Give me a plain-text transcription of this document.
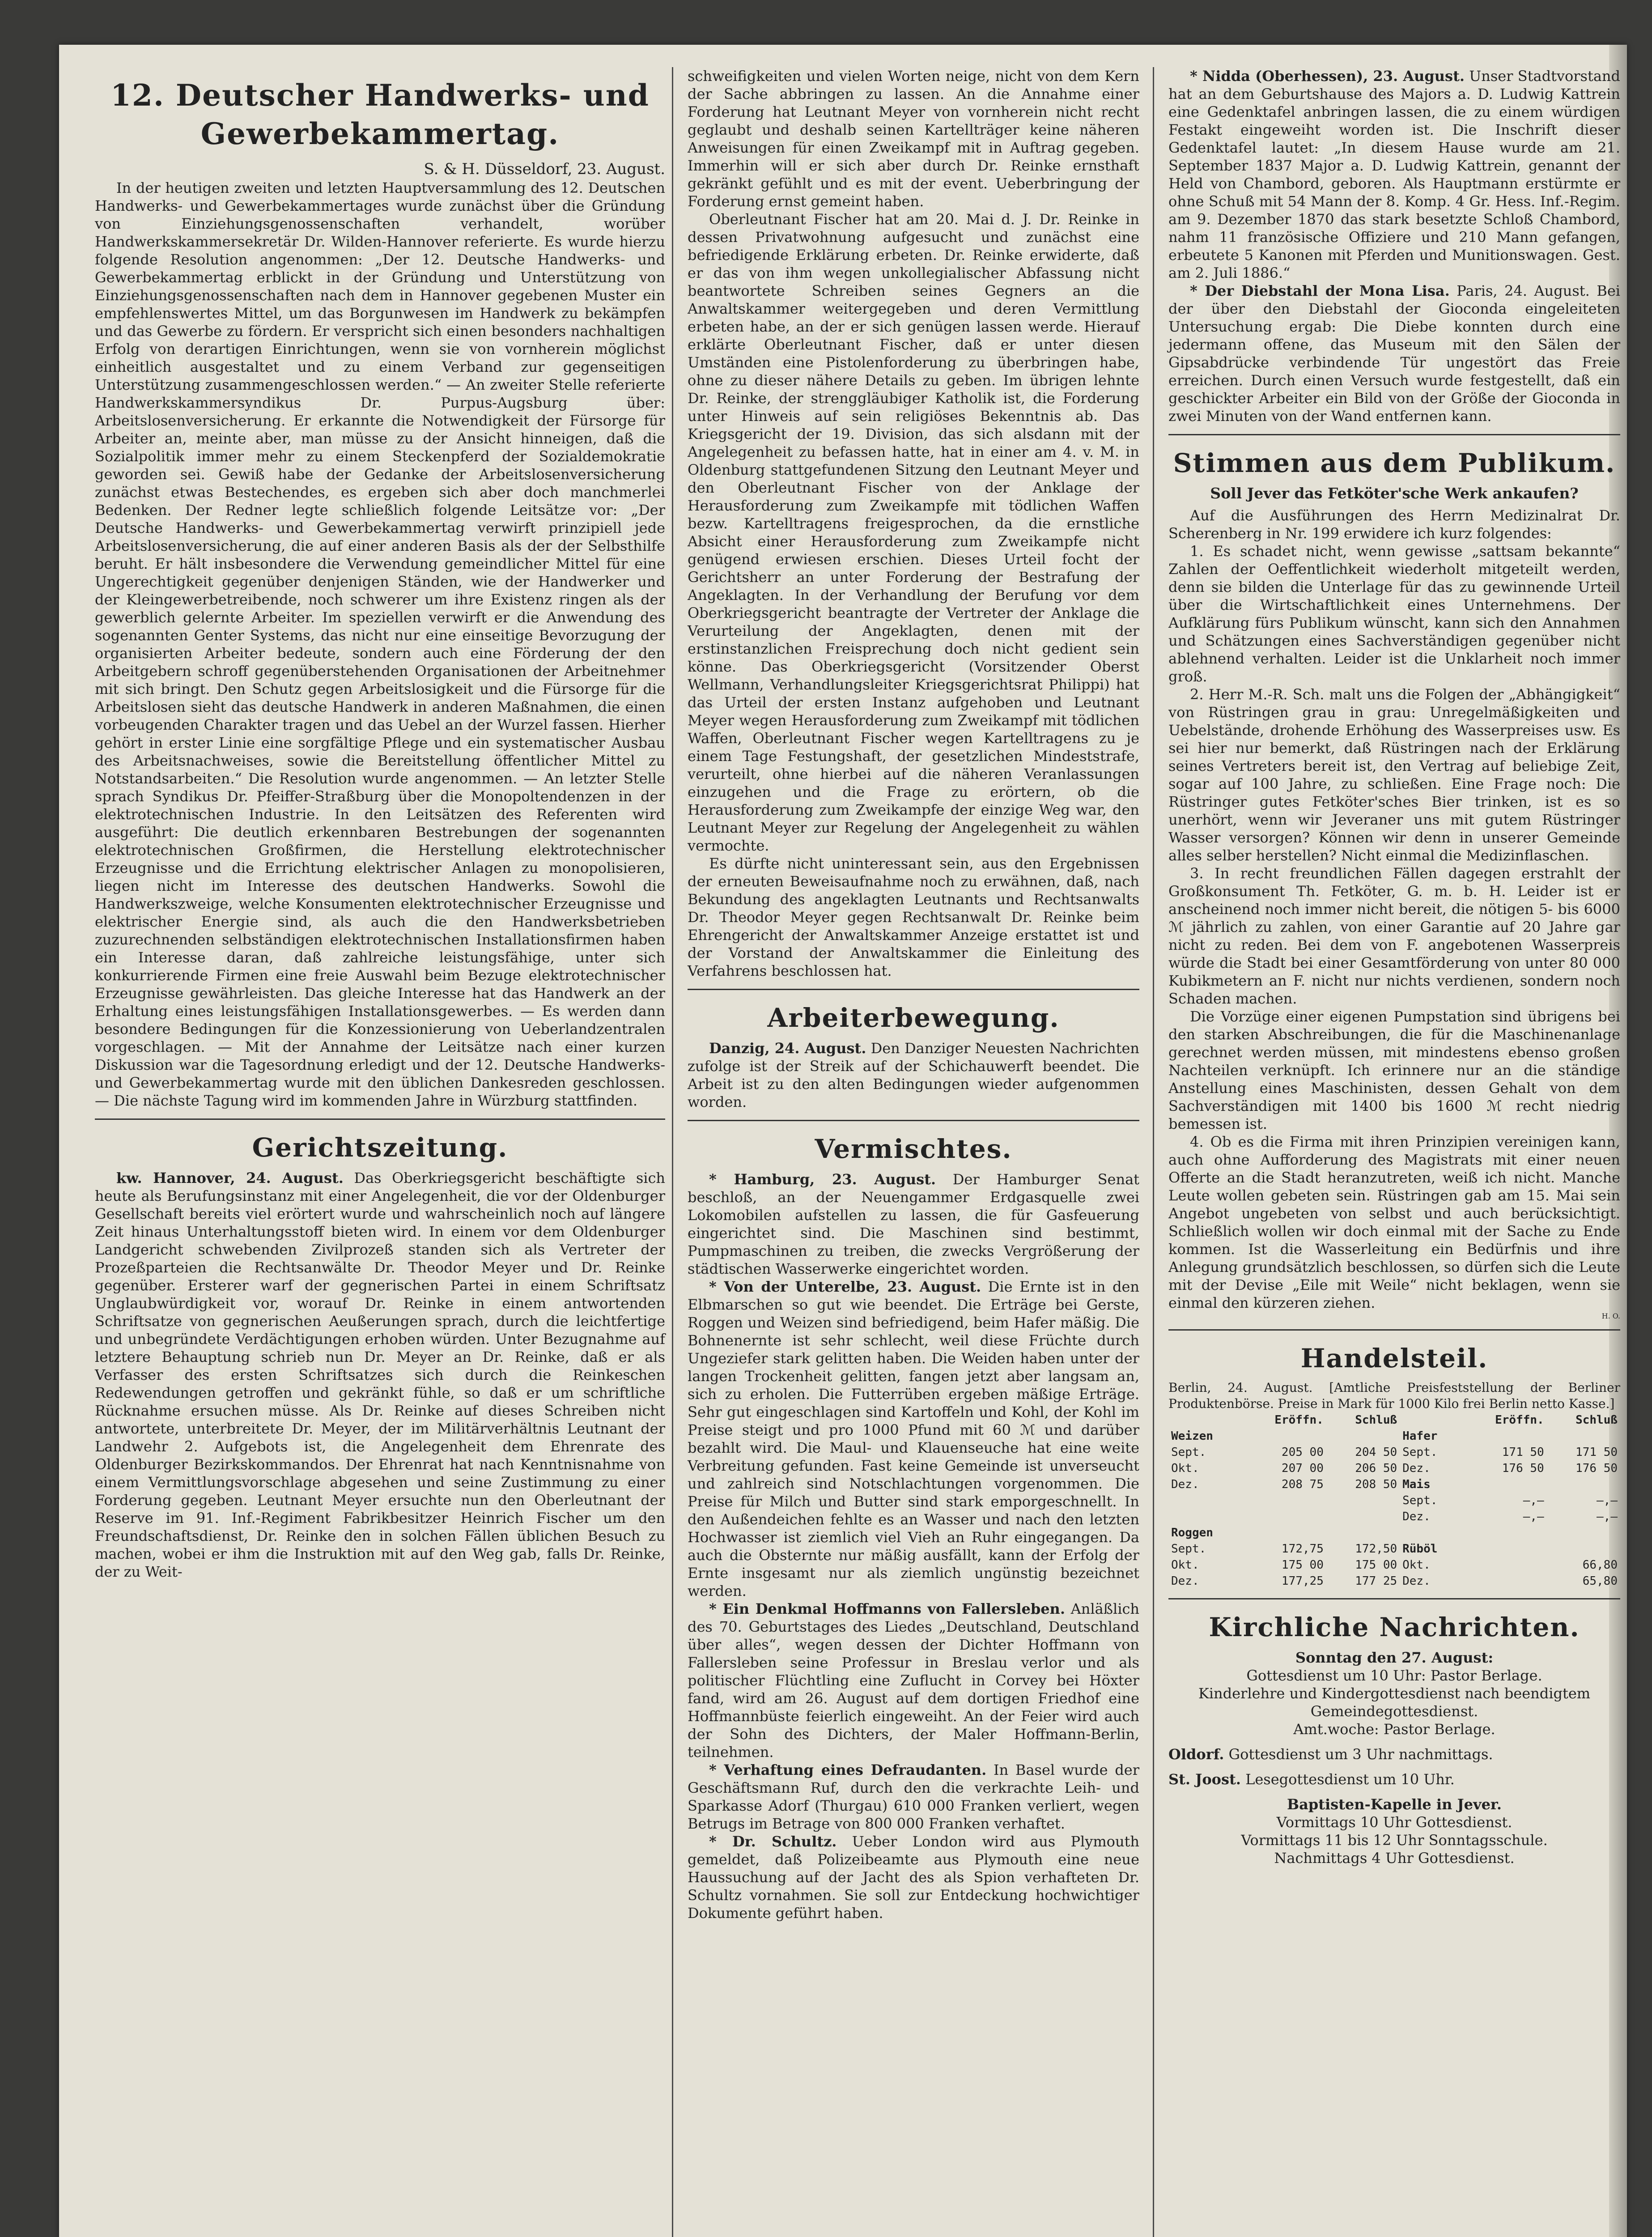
12. Deutscher Handwerks- und Gewerbekammertag.
S. & H. Düsseldorf, 23. August.

In der heutigen zweiten und letzten Hauptversammlung des 12. Deutschen Handwerks- und Gewerbekammertages wurde zunächst über die Gründung von Einziehungsgenossenschaften verhandelt, worüber Handwerkskammersekretär Dr. Wilden-Hannover referierte. Es wurde hierzu folgende Resolution angenommen: „Der 12. Deutsche Handwerks- und Gewerbekammertag erblickt in der Gründung und Unterstützung von Einziehungsgenossenschaften nach dem in Hannover gegebenen Muster ein empfehlenswertes Mittel, um das Borgunwesen im Handwerk zu bekämpfen und das Gewerbe zu fördern. Er verspricht sich einen besonders nachhaltigen Erfolg von derartigen Einrichtungen, wenn sie von vornherein möglichst einheitlich ausgestaltet und zu einem Verband zur gegenseitigen Unterstützung zusammengeschlossen werden.“ — An zweiter Stelle referierte Handwerkskammersyndikus Dr. Purpus-Augsburg über: Arbeitslosenversicherung. Er erkannte die Notwendigkeit der Fürsorge für Arbeiter an, meinte aber, man müsse zu der Ansicht hinneigen, daß die Sozialpolitik immer mehr zu einem Steckenpferd der Sozialdemokratie geworden sei. Gewiß habe der Gedanke der Arbeitslosenversicherung zunächst etwas Bestechendes, es ergeben sich aber doch manchmerlei Bedenken. Der Redner legte schließlich folgende Leitsätze vor: „Der Deutsche Handwerks- und Gewerbekammertag verwirft prinzipiell jede Arbeitslosenversicherung, die auf einer anderen Basis als der der Selbsthilfe beruht. Er hält insbesondere die Verwendung gemeindlicher Mittel für eine Ungerechtigkeit gegenüber denjenigen Ständen, wie der Handwerker und der Kleingewerbetreibende, noch schwerer um ihre Existenz ringen als der gewerblich gelernte Arbeiter. Im speziellen verwirft er die Anwendung des sogenannten Genter Systems, das nicht nur eine einseitige Bevorzugung der organisierten Arbeiter bedeute, sondern auch eine Förderung der den Arbeitgebern schroff gegenüberstehenden Organisationen der Arbeitnehmer mit sich bringt. Den Schutz gegen Arbeitslosigkeit und die Fürsorge für die Arbeitslosen sieht das deutsche Handwerk in anderen Maßnahmen, die einen vorbeugenden Charakter tragen und das Uebel an der Wurzel fassen. Hierher gehört in erster Linie eine sorgfältige Pflege und ein systematischer Ausbau des Arbeitsnachweises, sowie die Bereitstellung öffentlicher Mittel zu Notstandsarbeiten.“ Die Resolution wurde angenommen. — An letzter Stelle sprach Syndikus Dr. Pfeiffer-Straßburg über die Monopoltendenzen in der elektrotechnischen Industrie. In den Leitsätzen des Referenten wird ausgeführt: Die deutlich erkennbaren Bestrebungen der sogenannten elektrotechnischen Großfirmen, die Herstellung elektrotechnischer Erzeugnisse und die Errichtung elektrischer Anlagen zu monopolisieren, liegen nicht im Interesse des deutschen Handwerks. Sowohl die Handwerkszweige, welche Konsumenten elektrotechnischer Erzeugnisse und elektrischer Energie sind, als auch die den Handwerksbetrieben zuzurechnenden selbständigen elektrotechnischen Installationsfirmen haben ein Interesse daran, daß zahlreiche leistungsfähige, unter sich konkurrierende Firmen eine freie Auswahl beim Bezuge elektrotechnischer Erzeugnisse gewährleisten. Das gleiche Interesse hat das Handwerk an der Erhaltung eines leistungsfähigen Installationsgewerbes. — Es werden dann besondere Bedingungen für die Konzessionierung von Ueberlandzentralen vorgeschlagen. — Mit der Annahme der Leitsätze nach einer kurzen Diskussion war die Tagesordnung erledigt und der 12. Deutsche Handwerks- und Gewerbekammertag wurde mit den üblichen Dankesreden geschlossen. — Die nächste Tagung wird im kommenden Jahre in Würzburg stattfinden.

Gerichtszeitung.

kw. Hannover, 24. August. Das Oberkriegsgericht beschäftigte sich heute als Berufungsinstanz mit einer Angelegenheit, die vor der Oldenburger Gesellschaft bereits viel erörtert wurde und wahrscheinlich noch auf längere Zeit hinaus Unterhaltungsstoff bieten wird. In einem vor dem Oldenburger Landgericht schwebenden Zivilprozeß standen sich als Vertreter der Prozeßparteien die Rechtsanwälte Dr. Theodor Meyer und Dr. Reinke gegenüber. Ersterer warf der gegnerischen Partei in einem Schriftsatz Unglaubwürdigkeit vor, worauf Dr. Reinke in einem antwortenden Schriftsatze von gegnerischen Aeußerungen sprach, durch die leichtfertige und unbegründete Verdächtigungen erhoben würden. Unter Bezugnahme auf letztere Behauptung schrieb nun Dr. Meyer an Dr. Reinke, daß er als Verfasser des ersten Schriftsatzes sich durch die Reinkeschen Redewendungen getroffen und gekränkt fühle, so daß er um schriftliche Rücknahme ersuchen müsse. Als Dr. Reinke auf dieses Schreiben nicht antwortete, unterbreitete Dr. Meyer, der im Militärverhältnis Leutnant der Landwehr 2. Aufgebots ist, die Angelegenheit dem Ehrenrate des Oldenburger Bezirkskommandos. Der Ehrenrat hat nach Kenntnisnahme von einem Vermittlungsvorschlage abgesehen und seine Zustimmung zu einer Forderung gegeben. Leutnant Meyer ersuchte nun den Oberleutnant der Reserve im 91. Inf.-Regiment Fabrikbesitzer Heinrich Fischer um den Freundschaftsdienst, Dr. Reinke den in solchen Fällen üblichen Besuch zu machen, wobei er ihm die Instruktion mit auf den Weg gab, falls Dr. Reinke, der zu Weit-

schweifigkeiten und vielen Worten neige, nicht von dem Kern der Sache abbringen zu lassen. An die Annahme einer Forderung hat Leutnant Meyer von vornherein nicht recht geglaubt und deshalb seinen Kartellträger keine näheren Anweisungen für einen Zweikampf mit in Auftrag gegeben. Immerhin will er sich aber durch Dr. Reinke ernsthaft gekränkt gefühlt und es mit der event. Ueberbringung der Forderung ernst gemeint haben.

Oberleutnant Fischer hat am 20. Mai d. J. Dr. Reinke in dessen Privatwohnung aufgesucht und zunächst eine befriedigende Erklärung erbeten. Dr. Reinke erwiderte, daß er das von ihm wegen unkollegialischer Abfassung nicht beantwortete Schreiben seines Gegners an die Anwaltskammer weitergegeben und deren Vermittlung erbeten habe, an der er sich genügen lassen werde. Hierauf erklärte Oberleutnant Fischer, daß er unter diesen Umständen eine Pistolenforderung zu überbringen habe, ohne zu dieser nähere Details zu geben. Im übrigen lehnte Dr. Reinke, der strenggläubiger Katholik ist, die Forderung unter Hinweis auf sein religiöses Bekenntnis ab. Das Kriegsgericht der 19. Division, das sich alsdann mit der Angelegenheit zu befassen hatte, hat in einer am 4. v. M. in Oldenburg stattgefundenen Sitzung den Leutnant Meyer und den Oberleutnant Fischer von der Anklage der Herausforderung zum Zweikampfe mit tödlichen Waffen bezw. Kartelltragens freigesprochen, da die ernstliche Absicht einer Herausforderung zum Zweikampfe nicht genügend erwiesen erschien. Dieses Urteil focht der Gerichtsherr an unter Forderung der Bestrafung der Angeklagten. In der Verhandlung der Berufung vor dem Oberkriegsgericht beantragte der Vertreter der Anklage die Verurteilung der Angeklagten, denen mit der erstinstanzlichen Freisprechung doch nicht gedient sein könne. Das Oberkriegsgericht (Vorsitzender Oberst Wellmann, Verhandlungsleiter Kriegsgerichtsrat Philippi) hat das Urteil der ersten Instanz aufgehoben und Leutnant Meyer wegen Herausforderung zum Zweikampf mit tödlichen Waffen, Oberleutnant Fischer wegen Kartelltragens zu je einem Tage Festungshaft, der gesetzlichen Mindeststrafe, verurteilt, ohne hierbei auf die näheren Veranlassungen einzugehen und die Frage zu erörtern, ob die Herausforderung zum Zweikampfe der einzige Weg war, den Leutnant Meyer zur Regelung der Angelegenheit zu wählen vermochte.

Es dürfte nicht uninteressant sein, aus den Ergebnissen der erneuten Beweisaufnahme noch zu erwähnen, daß, nach Bekundung des angeklagten Leutnants und Rechtsanwalts Dr. Theodor Meyer gegen Rechtsanwalt Dr. Reinke beim Ehrengericht der Anwaltskammer Anzeige erstattet ist und der Vorstand der Anwaltskammer die Einleitung des Verfahrens beschlossen hat.

Arbeiterbewegung.

Danzig, 24. August. Den Danziger Neuesten Nachrichten zufolge ist der Streik auf der Schichauwerft beendet. Die Arbeit ist zu den alten Bedingungen wieder aufgenommen worden.

Vermischtes.

* Hamburg, 23. August. Der Hamburger Senat beschloß, an der Neuengammer Erdgasquelle zwei Lokomobilen aufstellen zu lassen, die für Gasfeuerung eingerichtet sind. Die Maschinen sind bestimmt, Pumpmaschinen zu treiben, die zwecks Vergrößerung der städtischen Wasserwerke eingerichtet worden.

* Von der Unterelbe, 23. August. Die Ernte ist in den Elbmarschen so gut wie beendet. Die Erträge bei Gerste, Roggen und Weizen sind befriedigend, beim Hafer mäßig. Die Bohnenernte ist sehr schlecht, weil diese Früchte durch Ungeziefer stark gelitten haben. Die Weiden haben unter der langen Trockenheit gelitten, fangen jetzt aber langsam an, sich zu erholen. Die Futterrüben ergeben mäßige Erträge. Sehr gut eingeschlagen sind Kartoffeln und Kohl, der Kohl im Preise steigt und pro 1000 Pfund mit 60 ℳ und darüber bezahlt wird. Die Maul- und Klauenseuche hat eine weite Verbreitung gefunden. Fast keine Gemeinde ist unverseucht und zahlreich sind Notschlachtungen vorgenommen. Die Preise für Milch und Butter sind stark emporgeschnellt. In den Außendeichen fehlte es an Wasser und nach den letzten Hochwasser ist ziemlich viel Vieh an Ruhr eingegangen. Da auch die Obsternte nur mäßig ausfällt, kann der Erfolg der Ernte insgesamt nur als ziemlich ungünstig bezeichnet werden.

* Ein Denkmal Hoffmanns von Fallersleben. Anläßlich des 70. Geburtstages des Liedes „Deutschland, Deutschland über alles“, wegen dessen der Dichter Hoffmann von Fallersleben seine Professur in Breslau verlor und als politischer Flüchtling eine Zuflucht in Corvey bei Höxter fand, wird am 26. August auf dem dortigen Friedhof eine Hoffmannbüste feierlich eingeweiht. An der Feier wird auch der Sohn des Dichters, der Maler Hoffmann-Berlin, teilnehmen.

* Verhaftung eines Defraudanten. In Basel wurde der Geschäftsmann Ruf, durch den die verkrachte Leih- und Sparkasse Adorf (Thurgau) 610 000 Franken verliert, wegen Betrugs im Betrage von 800 000 Franken verhaftet.

* Dr. Schultz. Ueber London wird aus Plymouth gemeldet, daß Polizeibeamte aus Plymouth eine neue Haussuchung auf der Jacht des als Spion verhafteten Dr. Schultz vornahmen. Sie soll zur Entdeckung hochwichtiger Dokumente geführt haben.

* Nidda (Oberhessen), 23. August. Unser Stadtvorstand hat an dem Geburtshause des Majors a. D. Ludwig Kattrein eine Gedenktafel anbringen lassen, die zu einem würdigen Festakt eingeweiht worden ist. Die Inschrift dieser Gedenktafel lautet: „In diesem Hause wurde am 21. September 1837 Major a. D. Ludwig Kattrein, genannt der Held von Chambord, geboren. Als Hauptmann erstürmte er ohne Schuß mit 54 Mann der 8. Komp. 4 Gr. Hess. Inf.-Regim. am 9. Dezember 1870 das stark besetzte Schloß Chambord, nahm 11 französische Offiziere und 210 Mann gefangen, erbeutete 5 Kanonen mit Pferden und Munitionswagen. Gest. am 2. Juli 1886.“

* Der Diebstahl der Mona Lisa. Paris, 24. August. Bei der über den Diebstahl der Gioconda eingeleiteten Untersuchung ergab: Die Diebe konnten durch eine jedermann offene, das Museum mit den Sälen der Gipsabdrücke verbindende Tür ungestört das Freie erreichen. Durch einen Versuch wurde festgestellt, daß ein geschickter Arbeiter ein Bild von der Größe der Gioconda in zwei Minuten von der Wand entfernen kann.

Stimmen aus dem Publikum.
Soll Jever das Fetköter'sche Werk ankaufen?

Auf die Ausführungen des Herrn Medizinalrat Dr. Scherenberg in Nr. 199 erwidere ich kurz folgendes:

1. Es schadet nicht, wenn gewisse „sattsam bekannte“ Zahlen der Oeffentlichkeit wiederholt mitgeteilt werden, denn sie bilden die Unterlage für das zu gewinnende Urteil über die Wirtschaftlichkeit eines Unternehmens. Der Aufklärung fürs Publikum wünscht, kann sich den Annahmen und Schätzungen eines Sachverständigen gegenüber nicht ablehnend verhalten. Leider ist die Unklarheit noch immer groß.

2. Herr M.-R. Sch. malt uns die Folgen der „Abhängigkeit“ von Rüstringen grau in grau: Unregelmäßigkeiten und Uebelstände, drohende Erhöhung des Wasserpreises usw. Es sei hier nur bemerkt, daß Rüstringen nach der Erklärung seines Vertreters bereit ist, den Vertrag auf beliebige Zeit, sogar auf 100 Jahre, zu schließen. Eine Frage noch: Die Rüstringer gutes Fetköter'sches Bier trinken, ist es so unerhört, wenn wir Jeveraner uns mit gutem Rüstringer Wasser versorgen? Können wir denn in unserer Gemeinde alles selber herstellen? Nicht einmal die Medizinflaschen.

3. In recht freundlichen Fällen dagegen erstrahlt der Großkonsument Th. Fetköter, G. m. b. H. Leider ist er anscheinend noch immer nicht bereit, die nötigen 5- bis 6000 ℳ jährlich zu zahlen, von einer Garantie auf 20 Jahre gar nicht zu reden. Bei dem von F. angebotenen Wasserpreis würde die Stadt bei einer Gesamtförderung von unter 80 000 Kubikmetern an F. nicht nur nichts verdienen, sondern noch Schaden machen.

Die Vorzüge einer eigenen Pumpstation sind übrigens bei den starken Abschreibungen, die für die Maschinenanlage gerechnet werden müssen, mit mindestens ebenso großen Nachteilen verknüpft. Ich erinnere nur an die ständige Anstellung eines Maschinisten, dessen Gehalt von dem Sachverständigen mit 1400 bis 1600 ℳ recht niedrig bemessen ist.

4. Ob es die Firma mit ihren Prinzipien vereinigen kann, auch ohne Aufforderung des Magistrats mit einer neuen Offerte an die Stadt heranzutreten, weiß ich nicht. Manche Leute wollen gebeten sein. Rüstringen gab am 15. Mai sein Angebot ungebeten von selbst und auch berücksichtigt. Schließlich wollen wir doch einmal mit der Sache zu Ende kommen. Ist die Wasserleitung ein Bedürfnis und ihre Anlegung grundsätzlich beschlossen, so dürfen sich die Leute mit der Devise „Eile mit Weile“ nicht beklagen, wenn sie einmal den kürzeren ziehen.

H. O.
Handelsteil.

Berlin, 24. August. [Amtliche Preisfeststellung der Berliner Produktenbörse. Preise in Mark für 1000 Kilo frei Berlin netto Kasse.]

	Eröffn.	Schluß		Eröffn.	Schluß
Weizen			Hafer		
Sept.	205 00	204 50	Sept.	171 50	171 50
Okt.	207 00	206 50	Dez.	176 50	176 50
Dez.	208 75	208 50	Mais		
			Sept.	—,—	—,—
			Dez.	—,—	—,—
Roggen					
Sept.	172,75	172,50	Rüböl		
Okt.	175 00	175 00	Okt.		66,80
Dez.	177,25	177 25	Dez.		65,80
Kirchliche Nachrichten.

Sonntag den 27. August:

Gottesdienst um 10 Uhr: Pastor Berlage.

Kinderlehre und Kindergottesdienst nach beendigtem Gemeindegottesdienst.

Amt.woche: Pastor Berlage.

Oldorf. Gottesdienst um 3 Uhr nachmittags.

St. Joost. Lesegottesdienst um 10 Uhr.

Baptisten-Kapelle in Jever.

Vormittags 10 Uhr Gottesdienst.

Vormittags 11 bis 12 Uhr Sonntagsschule.

Nachmittags 4 Uhr Gottesdienst.
